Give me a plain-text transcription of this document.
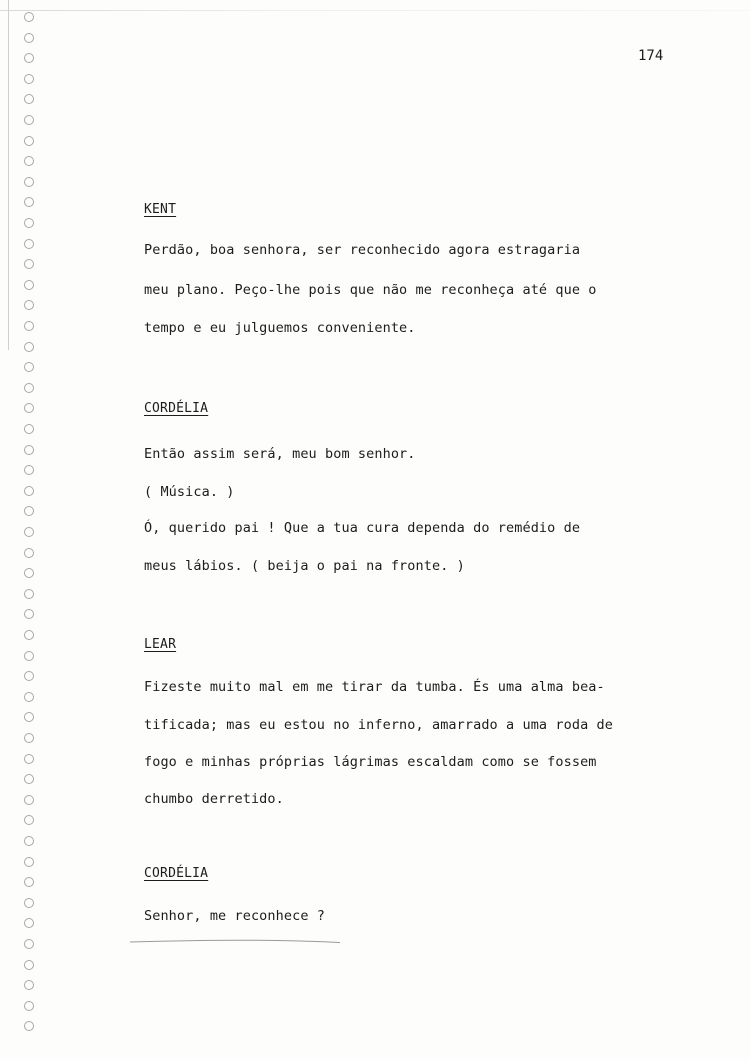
174
KENT
Perdão, boa senhora, ser reconhecido agora estragaria
meu plano. Peço-lhe pois que não me reconheça até que o
tempo e eu julguemos conveniente.
CORDÉLIA
Então assim será, meu bom senhor.
( Música. )
Ó, querido pai ! Que a tua cura dependa do remédio de
meus lábios. ( beija o pai na fronte. )
LEAR
Fizeste muito mal em me tirar da tumba. És uma alma bea-
tificada; mas eu estou no inferno, amarrado a uma roda de
fogo e minhas próprias lágrimas escaldam como se fossem
chumbo derretido.
CORDÉLIA
Senhor, me reconhece ?
